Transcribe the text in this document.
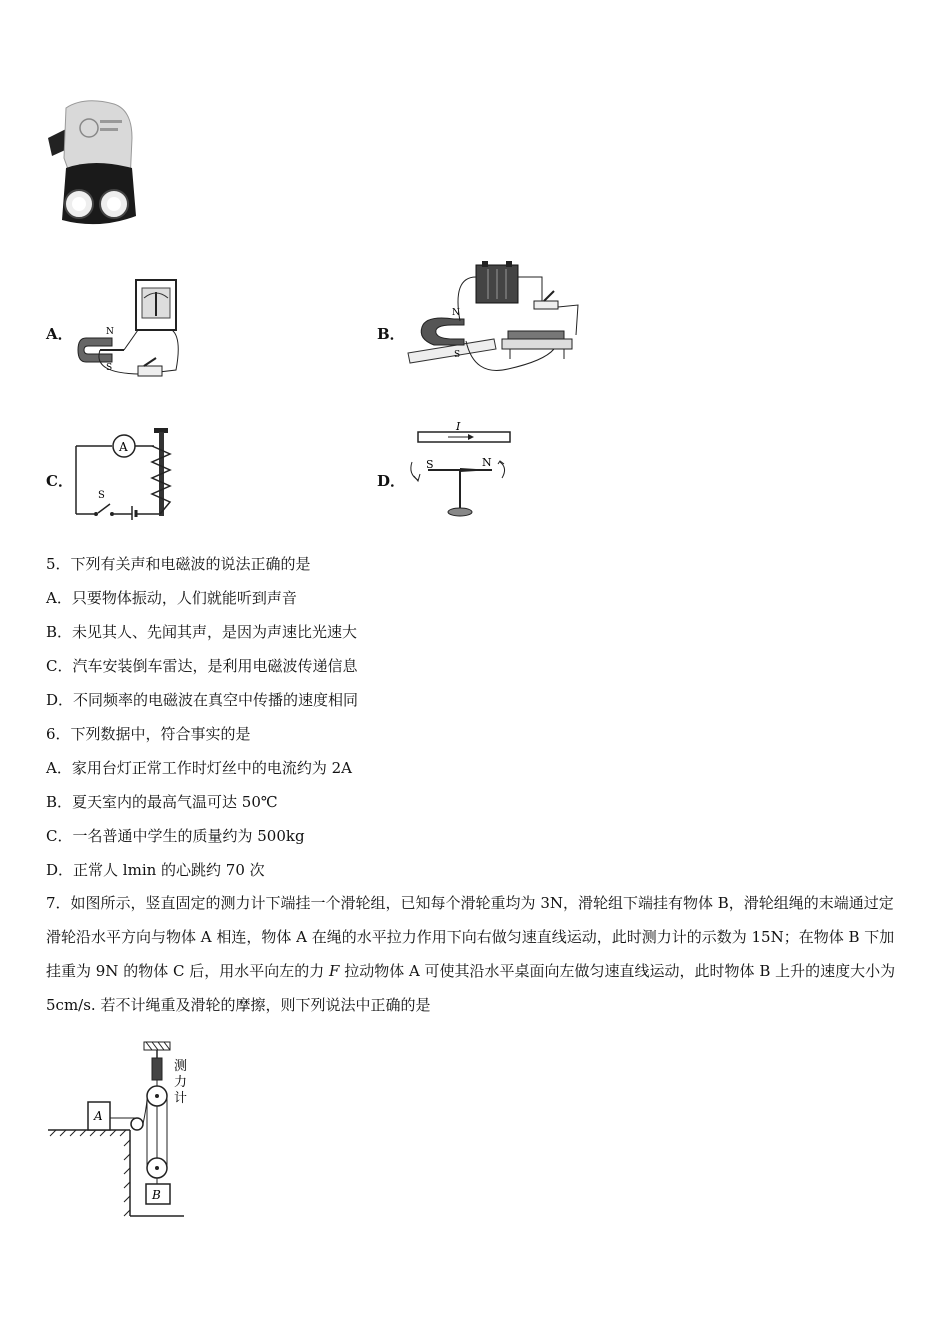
A．	N
S
B．
N
S
C．
A
S
D．
I
S	N
5．下列有关声和电磁波的说法正确的是
A．只要物体振动，人们就能听到声音
B．未见其人、先闻其声，是因为声速比光速大
C．汽车安装倒车雷达，是利用电磁波传递信息
D．不同频率的电磁波在真空中传播的速度相同
6．下列数据中，符合事实的是
A．家用台灯正常工作时灯丝中的电流约为 2A
B．夏天室内的最高气温可达 50℃
C．一名普通中学生的质量约为 500kg
D．正常人 lmin 的心跳约 70 次
7．如图所示，竖直固定的测力计下端挂一个滑轮组，已知每个滑轮重均为 3N，滑轮组下端挂有物体 B，滑轮组绳的末端通过定滑轮沿水平方向与物体 A 相连，物体 A 在绳的水平拉力作用下向右做匀速直线运动，此时测力计的示数为 15N；在物体 B 下加挂重为 9N 的物体 C 后，用水平向左的力 F 拉动物体 A 可使其沿水平桌面向左做匀速直线运动，此时物体 B 上升的速度大小为 5cm/s. 若不计绳重及滑轮的摩擦，则下列说法中正确的是
测
力
计
B
A
